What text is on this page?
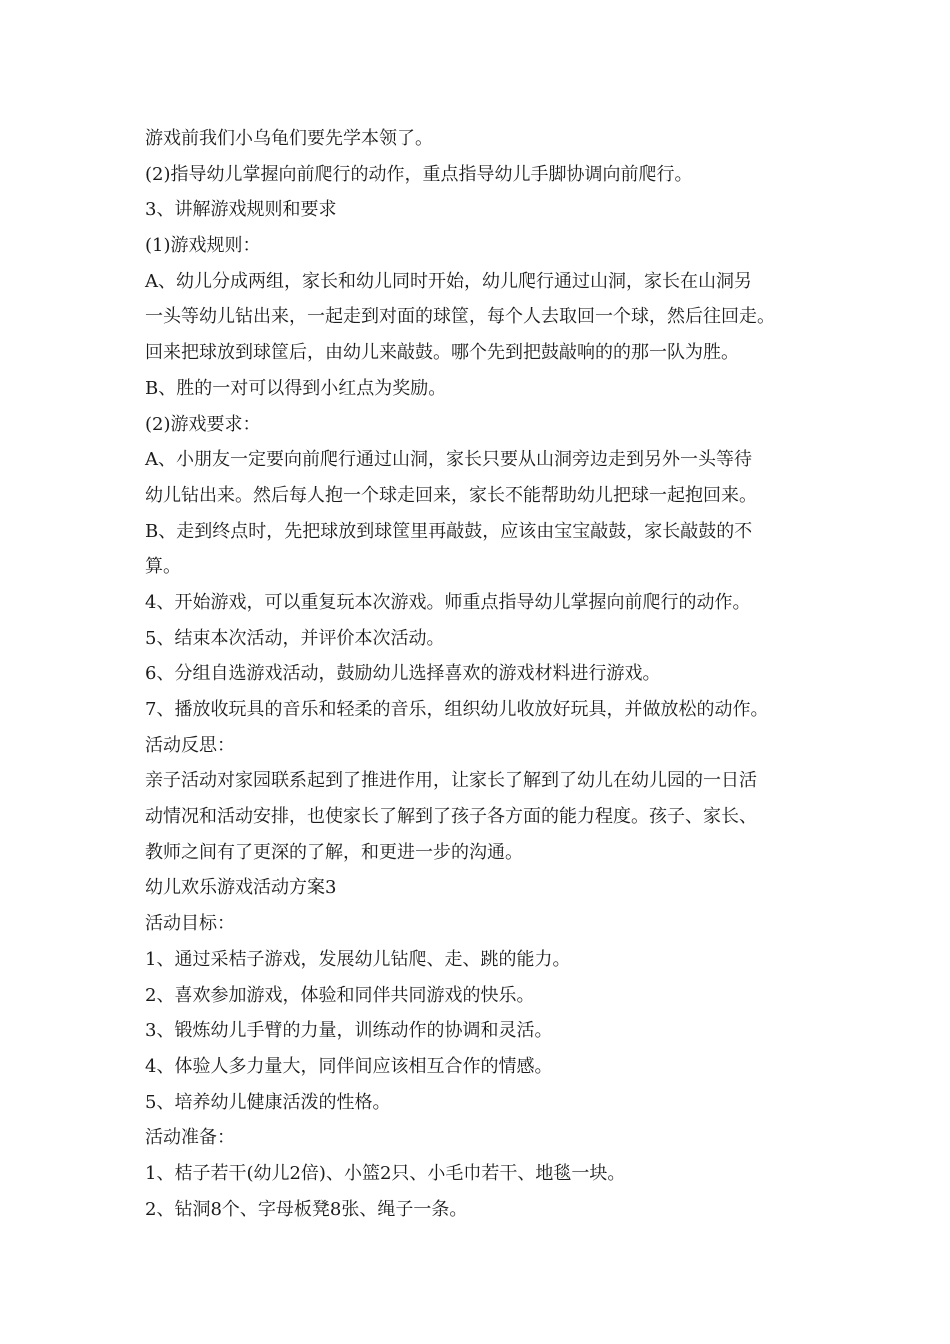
游戏前我们小乌龟们要先学本领了。

(2)指导幼儿掌握向前爬行的动作，重点指导幼儿手脚协调向前爬行。

3、讲解游戏规则和要求

(1)游戏规则：

A、幼儿分成两组，家长和幼儿同时开始，幼儿爬行通过山洞，家长在山洞另

一头等幼儿钻出来，一起走到对面的球筐，每个人去取回一个球，然后往回走。

回来把球放到球筐后，由幼儿来敲鼓。哪个先到把鼓敲响的的那一队为胜。

B、胜的一对可以得到小红点为奖励。

(2)游戏要求：

A、小朋友一定要向前爬行通过山洞，家长只要从山洞旁边走到另外一头等待

幼儿钻出来。然后每人抱一个球走回来，家长不能帮助幼儿把球一起抱回来。

B、走到终点时，先把球放到球筐里再敲鼓，应该由宝宝敲鼓，家长敲鼓的不

算。

4、开始游戏，可以重复玩本次游戏。师重点指导幼儿掌握向前爬行的动作。

5、结束本次活动，并评价本次活动。

6、分组自选游戏活动，鼓励幼儿选择喜欢的游戏材料进行游戏。

7、播放收玩具的音乐和轻柔的音乐，组织幼儿收放好玩具，并做放松的动作。

活动反思：

亲子活动对家园联系起到了推进作用，让家长了解到了幼儿在幼儿园的一日活

动情况和活动安排，也使家长了解到了孩子各方面的能力程度。孩子、家长、

教师之间有了更深的了解，和更进一步的沟通。

幼儿欢乐游戏活动方案3

活动目标：

1、通过采桔子游戏，发展幼儿钻爬、走、跳的能力。

2、喜欢参加游戏，体验和同伴共同游戏的快乐。

3、锻炼幼儿手臂的力量，训练动作的协调和灵活。

4、体验人多力量大，同伴间应该相互合作的情感。

5、培养幼儿健康活泼的性格。

活动准备：

1、桔子若干(幼儿2倍)、小篮2只、小毛巾若干、地毯一块。

2、钻洞8个、字母板凳8张、绳子一条。
